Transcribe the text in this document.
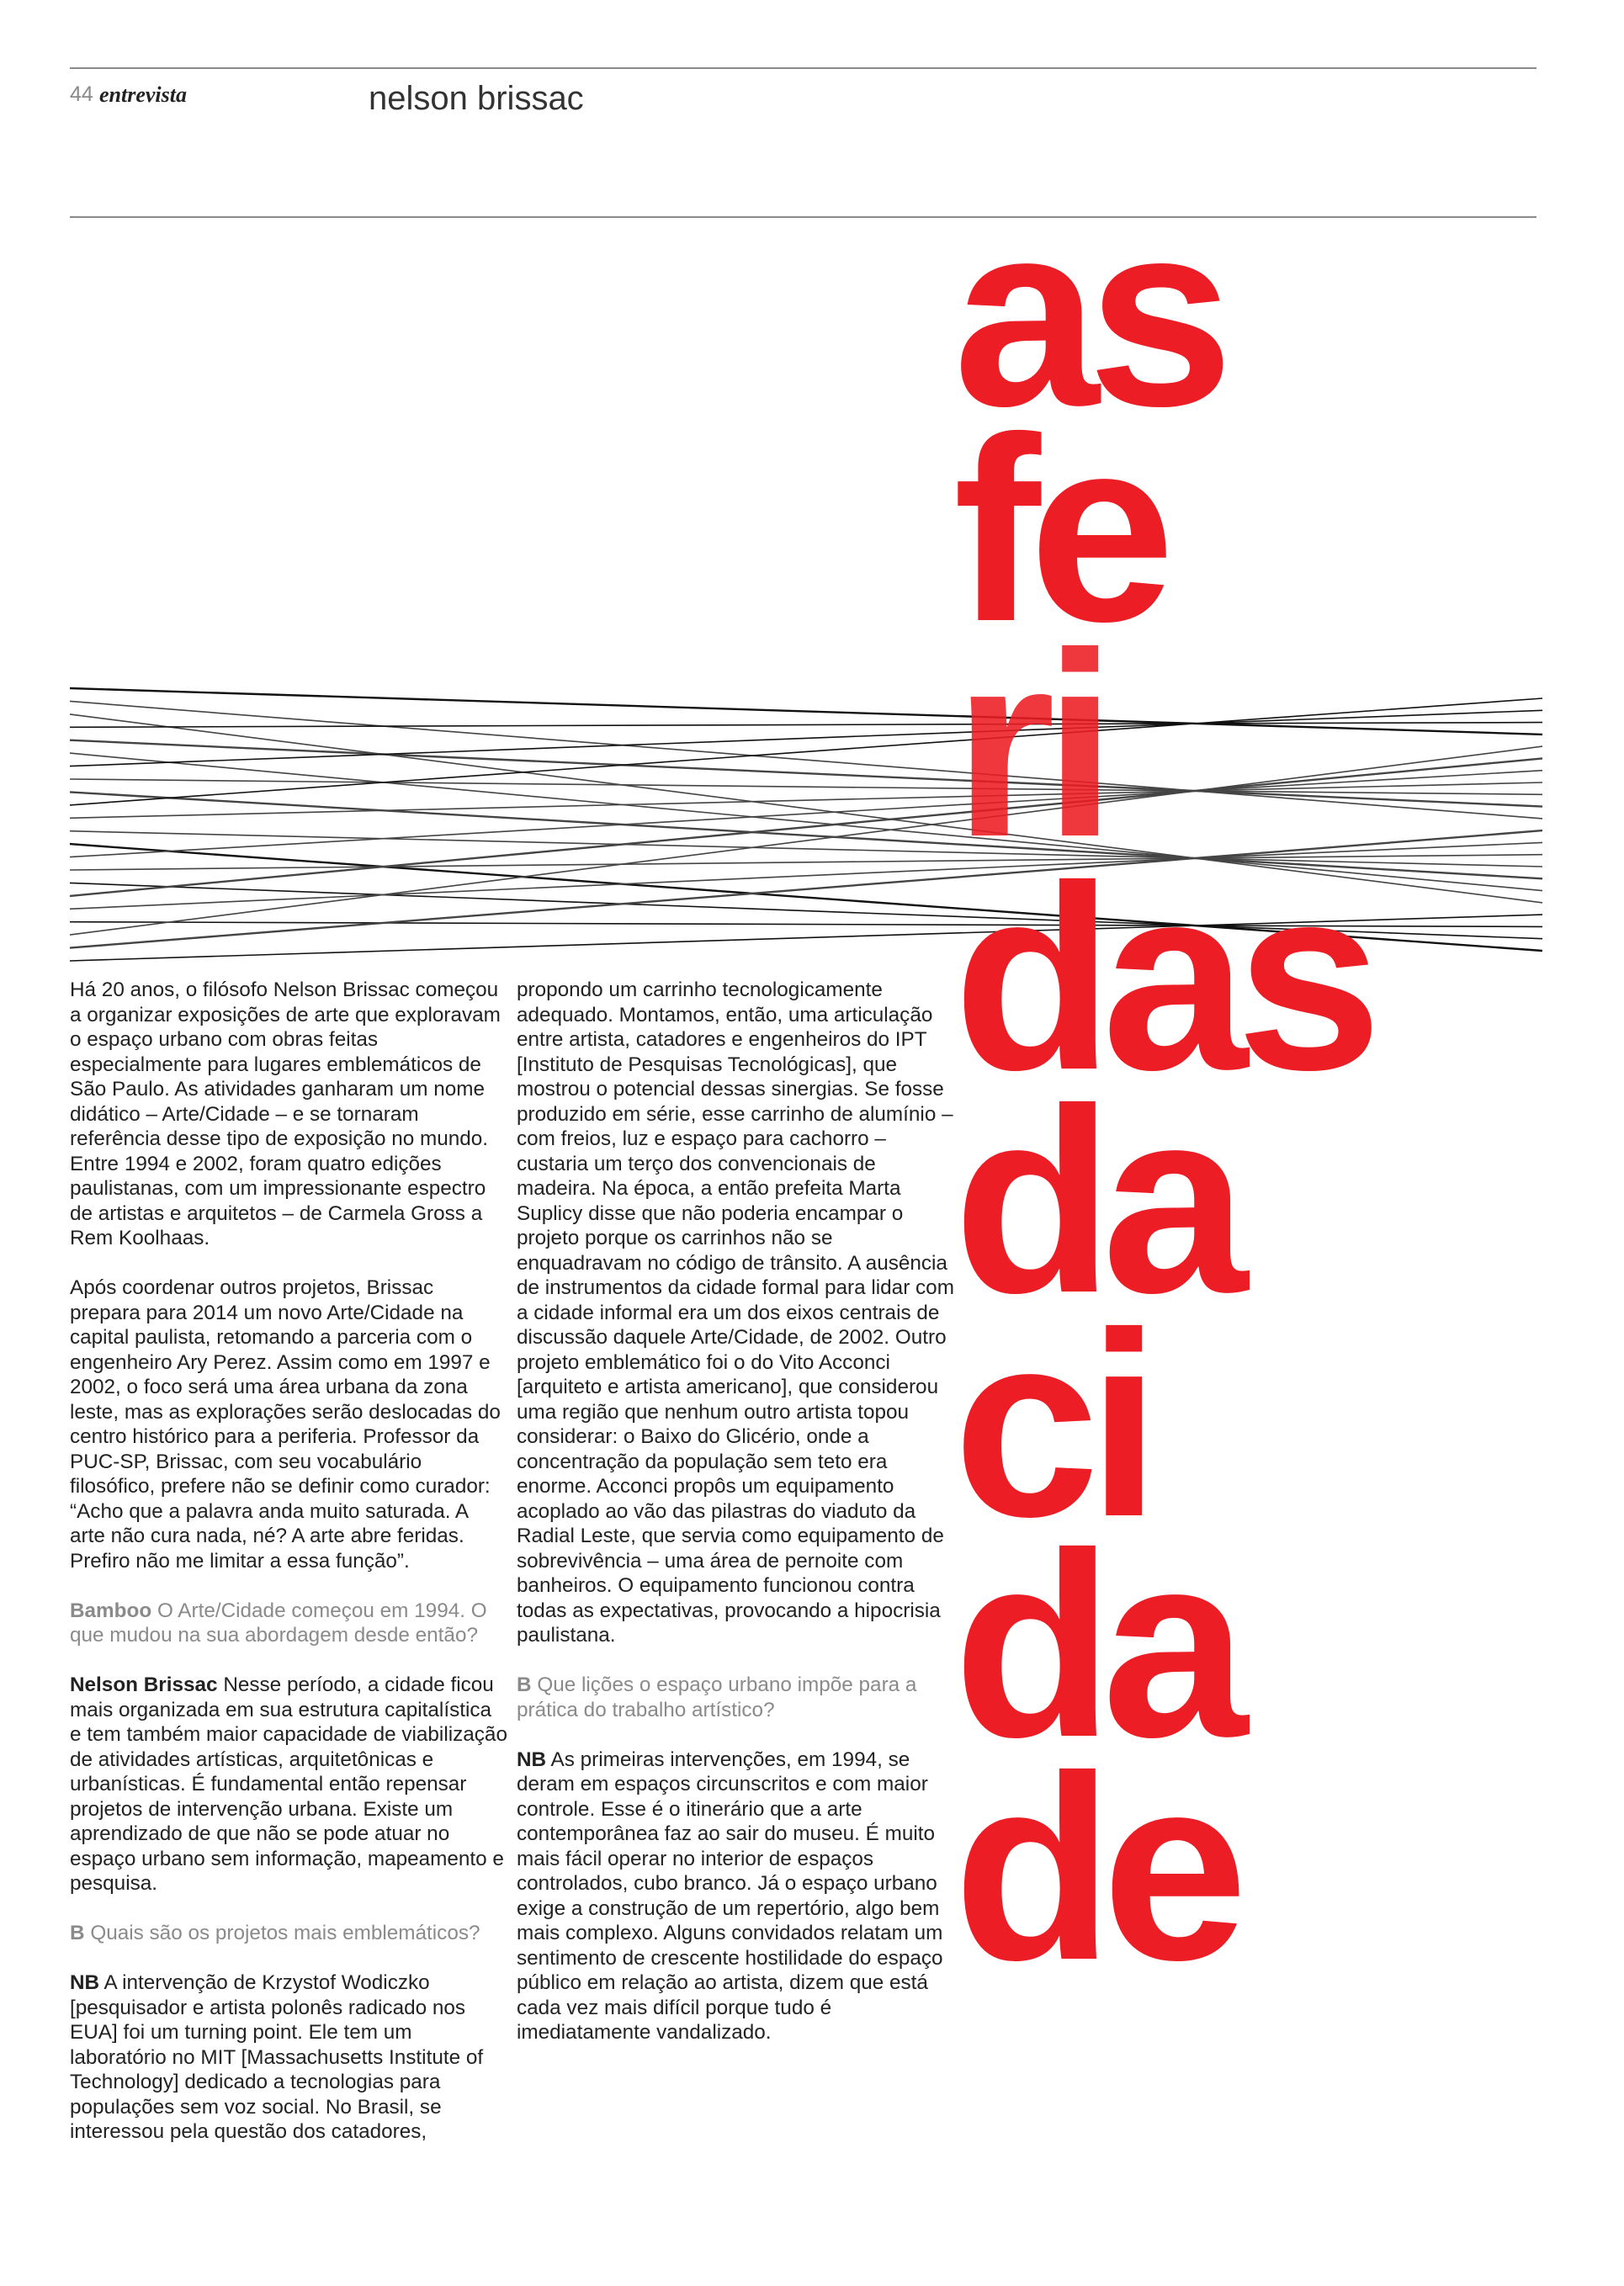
44 entrevista	nelson brissac
as
fe
ri
das
da
ci
da
de

Há 20 anos, o filósofo Nelson Brissac começou a organizar exposições de arte que exploravam o espaço urbano com obras feitas especialmente para lugares emblemáticos de São Paulo. As atividades ganharam um nome didático – Arte/Cidade – e se tornaram referência desse tipo de exposição no mundo. Entre 1994 e 2002, foram quatro edições paulistanas, com um impressionante espectro de artistas e arquitetos – de Carmela Gross a Rem Koolhaas.

Após coordenar outros projetos, Brissac prepara para 2014 um novo Arte/Cidade na capital paulista, retomando a parceria com o engenheiro Ary Perez. Assim como em 1997 e 2002, o foco será uma área urbana da zona leste, mas as explorações serão deslocadas do centro histórico para a periferia. Professor da PUC-SP, Brissac, com seu vocabulário filosófico, prefere não se definir como curador: “Acho que a palavra anda muito saturada. A arte não cura nada, né? A arte abre feridas. Prefiro não me limitar a essa função”.

Bamboo O Arte/Cidade começou em 1994. O que mudou na sua abordagem desde então?

Nelson Brissac Nesse período, a cidade ficou mais organizada em sua estrutura capitalística e tem também maior capacidade de viabilização de atividades artísticas, arquitetônicas e urbanísticas. É fundamental então repensar projetos de intervenção urbana. Existe um aprendizado de que não se pode atuar no espaço urbano sem informação, mapeamento e pesquisa.

B Quais são os projetos mais emblemáticos?

NB A intervenção de Krzystof Wodiczko [pesquisador e artista polonês radicado nos EUA] foi um turning point. Ele tem um laboratório no MIT [Massachusetts Institute of Technology] dedicado a tecnologias para populações sem voz social. No Brasil, se interessou pela questão dos catadores,

propondo um carrinho tecnologicamente adequado. Montamos, então, uma articulação entre artista, catadores e engenheiros do IPT [Instituto de Pesquisas Tecnológicas], que mostrou o potencial dessas sinergias. Se fosse produzido em série, esse carrinho de alumínio – com freios, luz e espaço para cachorro – custaria um terço dos convencionais de madeira. Na época, a então prefeita Marta Suplicy disse que não poderia encampar o projeto porque os carrinhos não se enquadravam no código de trânsito. A ausência de instrumentos da cidade formal para lidar com a cidade informal era um dos eixos centrais de discussão daquele Arte/Cidade, de 2002. Outro projeto emblemático foi o do Vito Acconci [arquiteto e artista americano], que considerou uma região que nenhum outro artista topou considerar: o Baixo do Glicério, onde a concentração da população sem teto era enorme. Acconci propôs um equipamento acoplado ao vão das pilastras do viaduto da Radial Leste, que servia como equipamento de sobrevivência – uma área de pernoite com banheiros. O equipamento funcionou contra todas as expectativas, provocando a hipocrisia paulistana.

B Que lições o espaço urbano impõe para a prática do trabalho artístico?

NB As primeiras intervenções, em 1994, se deram em espaços circunscritos e com maior controle. Esse é o itinerário que a arte contemporânea faz ao sair do museu. É muito mais fácil operar no interior de espaços controlados, cubo branco. Já o espaço urbano exige a construção de um repertório, algo bem mais complexo. Alguns convidados relatam um sentimento de crescente hostilidade do espaço público em relação ao artista, dizem que está cada vez mais difícil porque tudo é imediatamente vandalizado.
